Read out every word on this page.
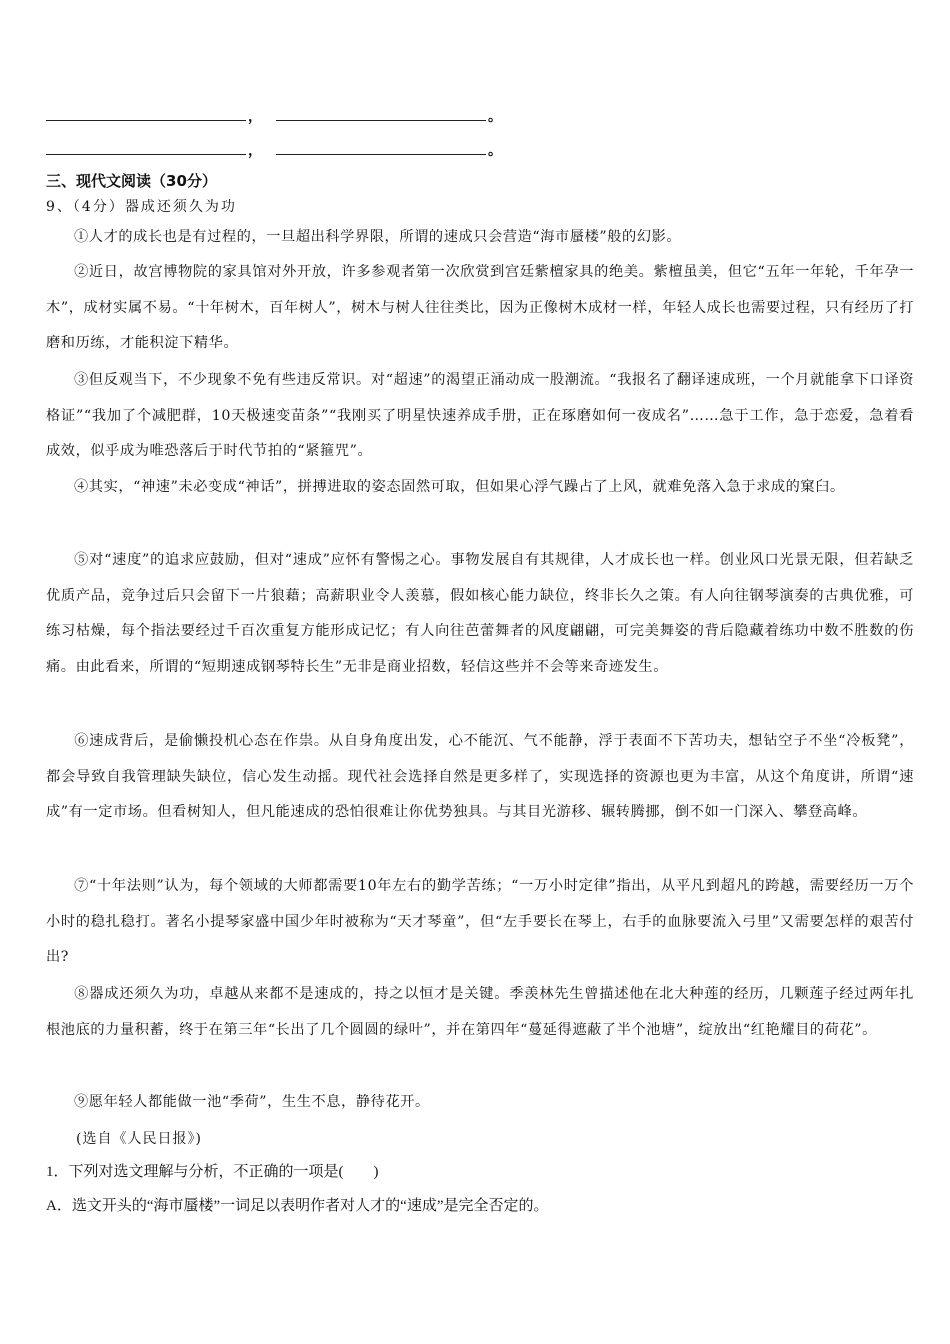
，	。
，	。
三、现代文阅读（30分）
9、（4分）器成还须久为功
①人才的成长也是有过程的，一旦超出科学界限，所谓的速成只会营造“海市蜃楼”般的幻影。
②近日，故宫博物院的家具馆对外开放，许多参观者第一次欣赏到宫廷紫檀家具的绝美。紫檀虽美，但它“五年一年轮，千年孕一木”，成材实属不易。“十年树木，百年树人”，树木与树人往往类比，因为正像树木成材一样，年轻人成长也需要过程，只有经历了打磨和历练，才能积淀下精华。
③但反观当下，不少现象不免有些违反常识。对“超速”的渴望正涌动成一股潮流。“我报名了翻译速成班，一个月就能拿下口译资格证”“我加了个减肥群，10天极速变苗条”“我刚买了明星快速养成手册，正在琢磨如何一夜成名”……急于工作，急于恋爱，急着看成效，似乎成为唯恐落后于时代节拍的“紧箍咒”。
④其实，“神速”未必变成“神话”，拼搏进取的姿态固然可取，但如果心浮气躁占了上风，就难免落入急于求成的窠臼。
⑤对“速度”的追求应鼓励，但对“速成”应怀有警惕之心。事物发展自有其规律，人才成长也一样。创业风口光景无限，但若缺乏优质产品，竞争过后只会留下一片狼藉；高薪职业令人羡慕，假如核心能力缺位，终非长久之策。有人向往钢琴演奏的古典优雅，可练习枯燥，每个指法要经过千百次重复方能形成记忆；有人向往芭蕾舞者的风度翩翩，可完美舞姿的背后隐藏着练功中数不胜数的伤痛。由此看来，所谓的“短期速成钢琴特长生”无非是商业招数，轻信这些并不会等来奇迹发生。
⑥速成背后，是偷懒投机心态在作祟。从自身角度出发，心不能沉、气不能静，浮于表面不下苦功夫，想钻空子不坐“冷板凳”，都会导致自我管理缺失缺位，信心发生动摇。现代社会选择自然是更多样了，实现选择的资源也更为丰富，从这个角度讲，所谓“速成”有一定市场。但看树知人，但凡能速成的恐怕很难让你优势独具。与其目光游移、辗转腾挪，倒不如一门深入、攀登高峰。
⑦“十年法则”认为，每个领域的大师都需要10年左右的勤学苦练；“一万小时定律”指出，从平凡到超凡的跨越，需要经历一万个小时的稳扎稳打。著名小提琴家盛中国少年时被称为“天才琴童”，但“左手要长在琴上，右手的血脉要流入弓里”又需要怎样的艰苦付出?
⑧器成还须久为功，卓越从来都不是速成的，持之以恒才是关键。季羡林先生曾描述他在北大种莲的经历，几颗莲子经过两年扎根池底的力量积蓄，终于在第三年“长出了几个圆圆的绿叶”，并在第四年“蔓延得遮蔽了半个池塘”，绽放出“红艳耀目的荷花”。
⑨愿年轻人都能做一池“季荷”，生生不息，静待花开。
(选自《人民日报》)
1．下列对选文理解与分析，不正确的一项是(　　)
A．选文开头的“海市蜃楼”一词足以表明作者对人才的“速成”是完全否定的。
